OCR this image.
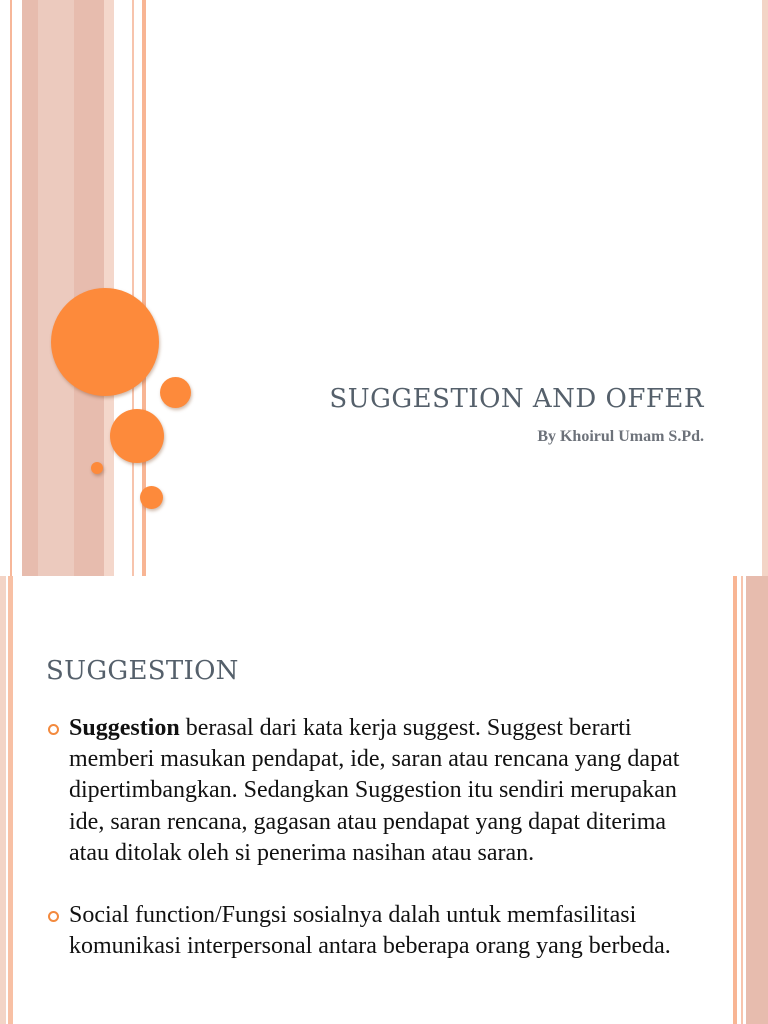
SUGGESTION AND OFFER
By Khoirul Umam S.Pd.
SUGGESTION
Suggestion berasal dari kata kerja suggest. Suggest berarti memberi masukan pendapat, ide, saran atau rencana yang dapat dipertimbangkan. Sedangkan Suggestion itu sendiri merupakan ide, saran rencana, gagasan atau pendapat yang dapat diterima atau ditolak oleh si penerima nasihan atau saran.
Social function/Fungsi sosialnya dalah untuk memfasilitasi komunikasi interpersonal antara beberapa orang yang berbeda.
